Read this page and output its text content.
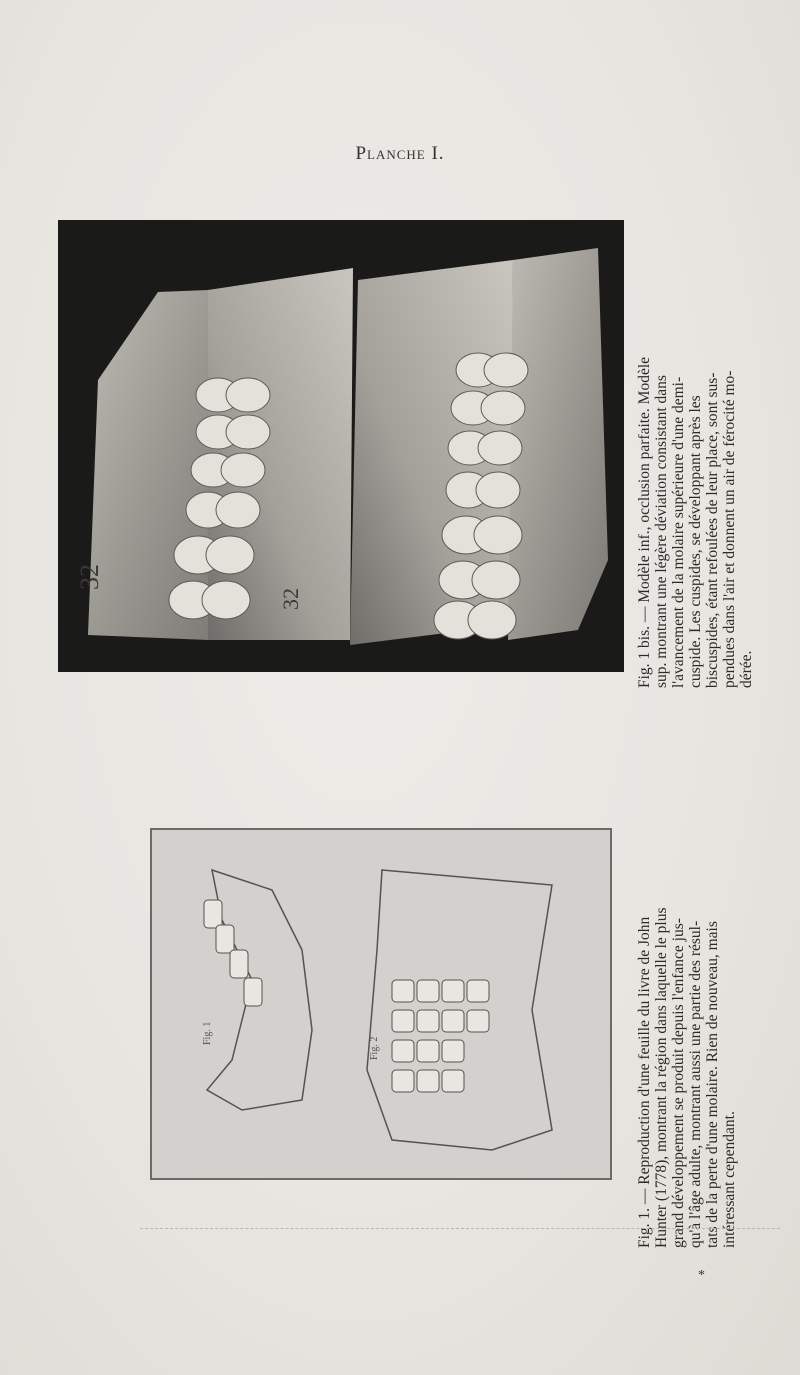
Planche I.
32
32
Fig. 1
Fig. 2
Fig. 1 bis. — Modèle inf., occlusion parfaite. Modèle sup. montrant une légère déviation consistant dans l'avancement de la molaire supérieure d'une demi- cuspide. Les cuspides, se développant après les biscuspides, étant refoulées de leur place, sont sus- pendues dans l'air et donnent un air de férocité mo- dérée.
Fig. 1. — Reproduction d'une feuille du livre de John Hunter (1778), montrant la région dans laquelle le plus grand développement se produit depuis l'enfance jus- qu'à l'âge adulte, montrant aussi une partie des résul- tats de la perte d'une molaire. Rien de nouveau, mais intéressant cependant.
*
